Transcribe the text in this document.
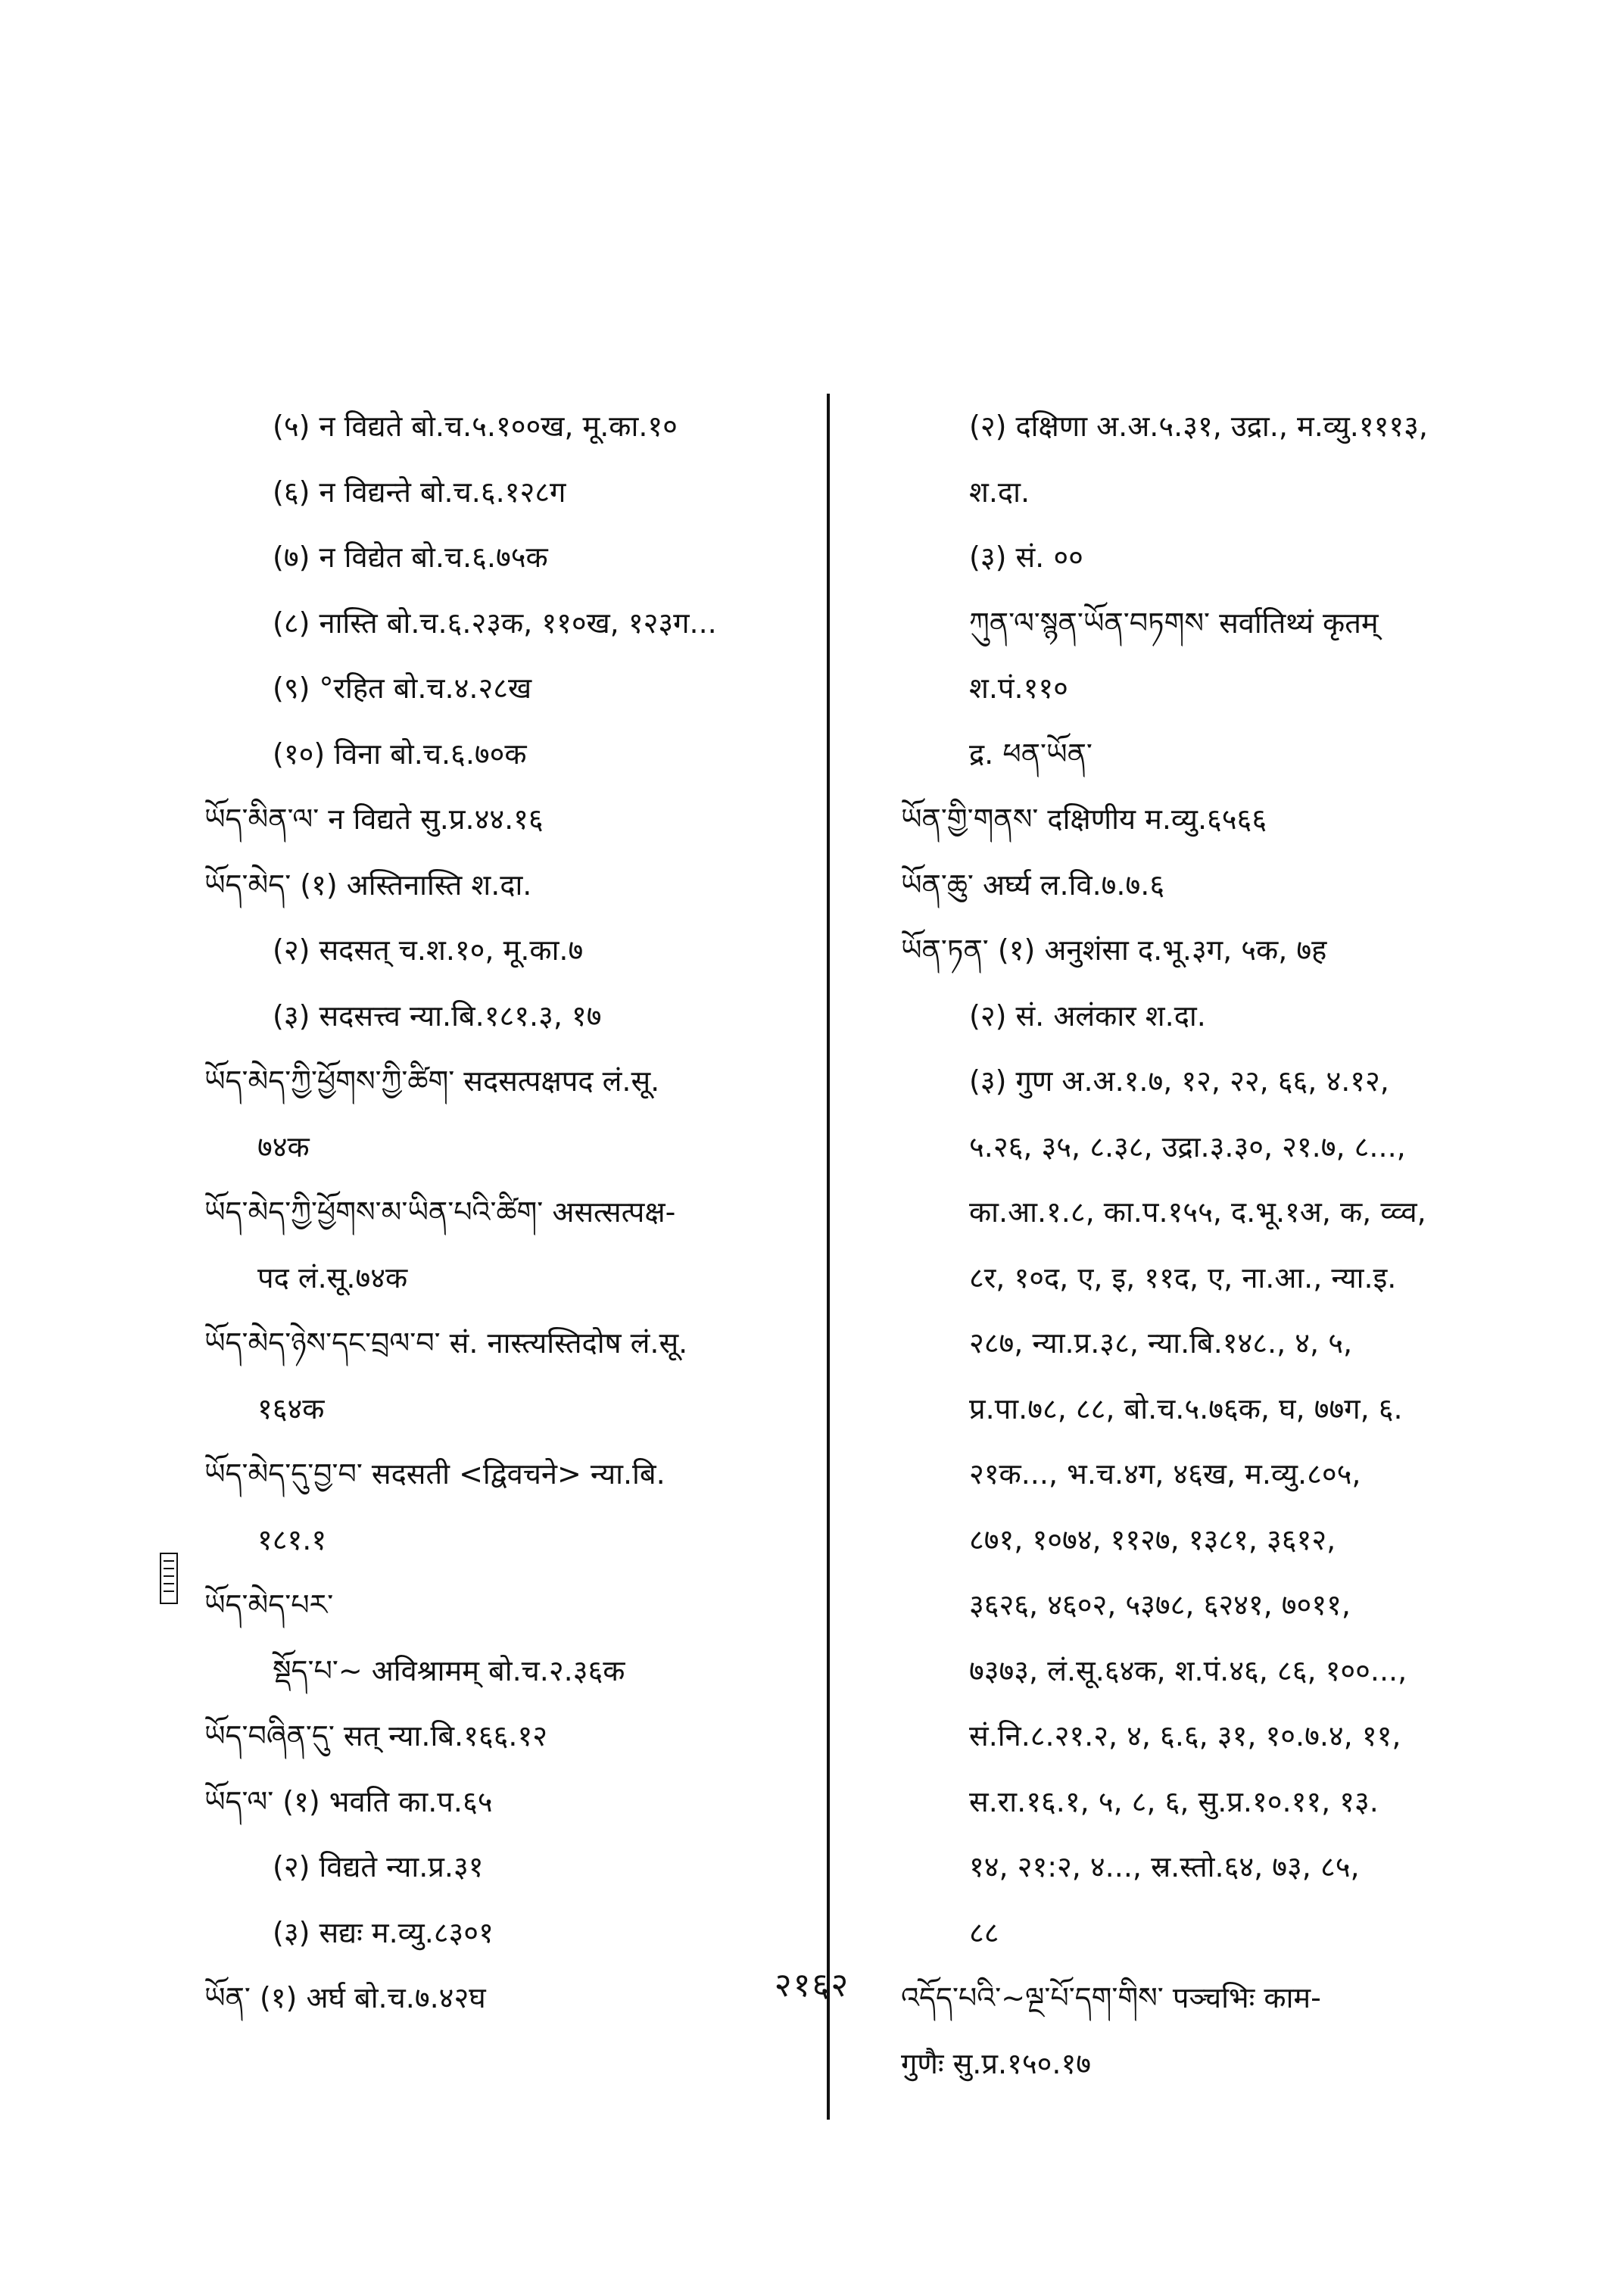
(५) न विद्यते बो.च.५.१००ख, मू.का.१०
(६) न विद्यन्ते बो.च.६.१२८ग
(७) न विद्येत बो.च.६.७५क
(८) नास्ति बो.च.६.२३क, ११०ख, १२३ग...
(९) °रहित बो.च.४.२८ख
(१०) विना बो.च.६.७०क
ཡོད་མིན་ལ་ न विद्यते सु.प्र.४४.१६
ཡོད་མེད་ (१) अस्तिनास्ति श.दा.
(२) सदसत् च.श.१०, मू.का.७
(३) सदसत्त्व न्या.बि.१८१.३, १७
ཡོད་མེད་ཀྱི་ཕྱོགས་ཀྱི་ཚིག་ सदसत्पक्षपद लं.सू.
७४क
ཡོད་མེད་ཀྱི་ཕྱོགས་མ་ཡིན་པའི་ཚིག་ असत्सत्पक्ष-
पद लं.सू.७४क
ཡོད་མེད་ཉེས་དང་བྲལ་བ་ सं. नास्त्यस्तिदोष लं.सू.
१६४क
ཡོད་མེད་དུ་བྱ་བ་ सदसती <द्विवचने> न्या.बि.
१८१.१
ཡོད་མེད་པར་
སྡོད་པ་~ अविश्रामम् बो.च.२.३६क
ཡོད་བཞིན་དུ་ सत् न्या.बि.१६६.१२
ཡོད་ལ་ (१) भवति का.प.६५
(२) विद्यते न्या.प्र.३१
(३) सद्यः म.व्यु.८३०१
ཡོན་ (१) अर्घ बो.च.७.४२घ
(२) दक्षिणा अ.अ.५.३१, उद्रा., म.व्यु.१११३,
श.दा.
(३) सं. ००
ཀུན་ལ་སྙན་ཡོན་བཏགས་ सर्वातिथ्यं कृतम्
श.पं.११०
द्र. ཕན་ཡོན་
ཡོན་གྱི་གནས་ दक्षिणीय म.व्यु.६५६६
ཡོན་ཆུ་ अर्घ्य ल.वि.७.७.६
ཡོན་ཏན་ (१) अनुशंसा द.भू.३ग, ५क, ७ह
(२) सं. अलंकार श.दा.
(३) गुण अ.अ.१.७, १२, २२, ६६, ४.१२,
५.२६, ३५, ८.३८, उद्रा.३.३०, २१.७, ८...,
का.आ.१.८, का.प.१५५, द.भू.१अ, क, व्व्व,
८र, १०द, ए, इ, ११द, ए, ना.आ., न्या.इ.
२८७, न्या.प्र.३८, न्या.बि.१४८., ४, ५,
प्र.पा.७८, ८८, बो.च.५.७६क, घ, ७७ग, ६.
२१क..., भ.च.४ग, ४६ख, म.व्यु.८०५,
८७१, १०७४, ११२७, १३८१, ३६१२,
३६२६, ४६०२, ५३७८, ६२४१, ७०११,
७३७३, लं.सू.६४क, श.पं.४६, ८६, १००...,
सं.नि.८.२१.२, ४, ६.६, ३१, १०.७.४, ११,
स.रा.१६.१, ५, ८, ६, सु.प्र.१०.११, १३.
१४, २१:२, ४..., स्र.स्तो.६४, ७३, ८५,
८८
འདོད་པའི་~ལྔ་པོ་དག་གིས་ पञ्चभिः काम-
गुणैः सु.प्र.१५०.१७
२१६२
